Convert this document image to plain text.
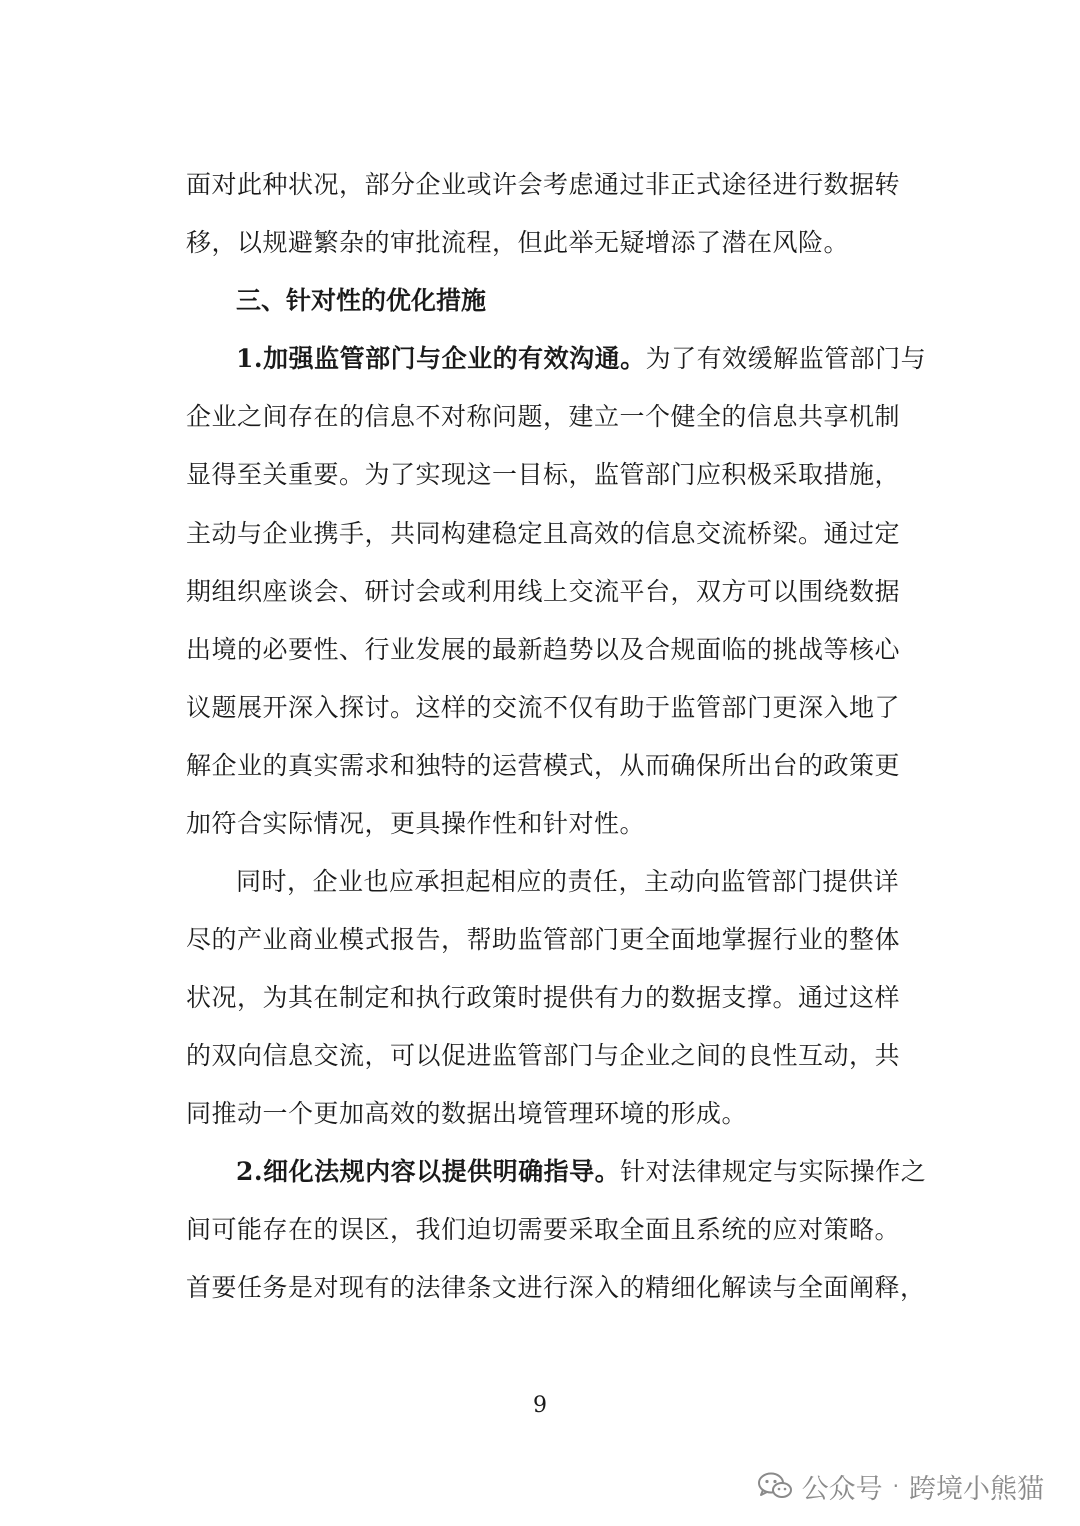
面对此种状况，部分企业或许会考虑通过非正式途径进行数据转
移，以规避繁杂的审批流程，但此举无疑增添了潜在风险。
三、针对性的优化措施
1.加强监管部门与企业的有效沟通。为了有效缓解监管部门与
企业之间存在的信息不对称问题，建立一个健全的信息共享机制
显得至关重要。为了实现这一目标，监管部门应积极采取措施，
主动与企业携手，共同构建稳定且高效的信息交流桥梁。通过定
期组织座谈会、研讨会或利用线上交流平台，双方可以围绕数据
出境的必要性、行业发展的最新趋势以及合规面临的挑战等核心
议题展开深入探讨。这样的交流不仅有助于监管部门更深入地了
解企业的真实需求和独特的运营模式，从而确保所出台的政策更
加符合实际情况，更具操作性和针对性。
同时，企业也应承担起相应的责任，主动向监管部门提供详
尽的产业商业模式报告，帮助监管部门更全面地掌握行业的整体
状况，为其在制定和执行政策时提供有力的数据支撑。通过这样
的双向信息交流，可以促进监管部门与企业之间的良性互动，共
同推动一个更加高效的数据出境管理环境的形成。
2.细化法规内容以提供明确指导。针对法律规定与实际操作之
间可能存在的误区，我们迫切需要采取全面且系统的应对策略。
首要任务是对现有的法律条文进行深入的精细化解读与全面阐释，
9
公众号 · 跨境小熊猫
